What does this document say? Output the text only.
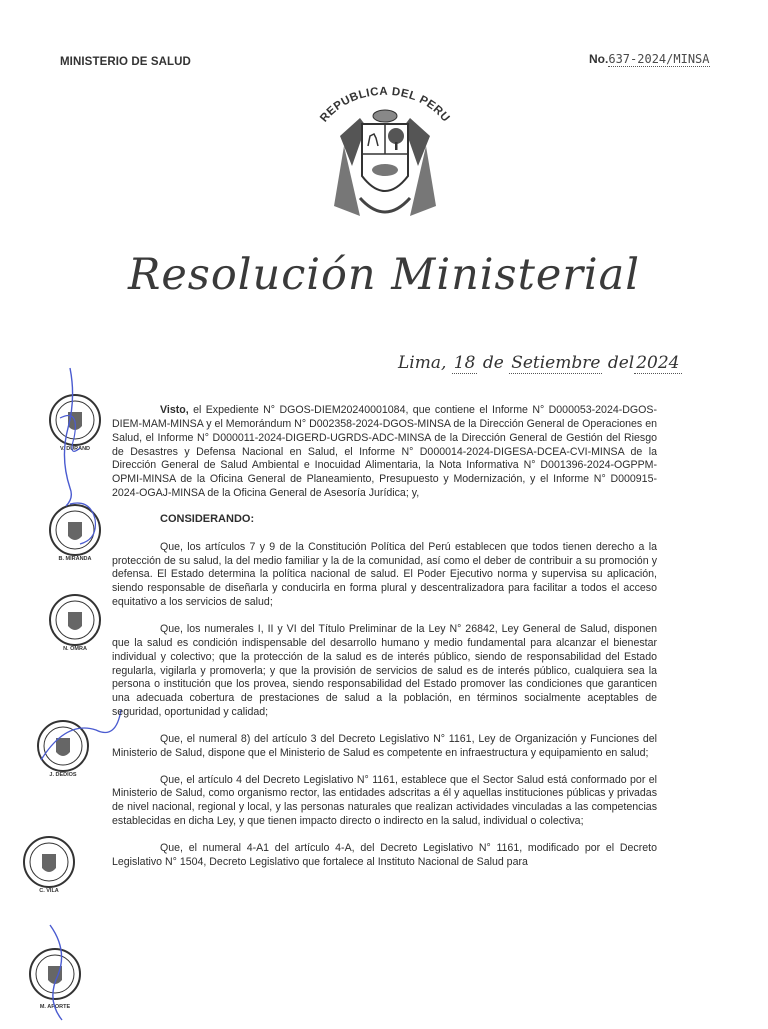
MINISTERIO DE SALUD	No.637-2024/MINSA
REPUBLICA DEL PERU
Resolución Ministerial
Lima, 18 de Setiembre del 2024
V. DURAND
B. MIRANDA
N. OMRA
J. DEDIOS
C. VILA
M. APORTE

Visto, el Expediente N° DGOS-DIEM20240001084, que contiene el Informe N° D000053-2024-DGOS-DIEM-MAM-MINSA y el Memorándum N° D002358-2024-DGOS-MINSA de la Dirección General de Operaciones en Salud, el Informe N° D000011-2024-DIGERD-UGRDS-ADC-MINSA de la Dirección General de Gestión del Riesgo de Desastres y Defensa Nacional en Salud, el Informe N° D000014-2024-DIGESA-DCEA-CVI-MINSA de la Dirección General de Salud Ambiental e Inocuidad Alimentaria, la Nota Informativa N° D001396-2024-OGPPM-OPMI-MINSA de la Oficina General de Planeamiento, Presupuesto y Modernización, y el Informe N° D000915-2024-OGAJ-MINSA de la Oficina General de Asesoría Jurídica; y,

CONSIDERANDO:

Que, los artículos 7 y 9 de la Constitución Política del Perú establecen que todos tienen derecho a la protección de su salud, la del medio familiar y la de la comunidad, así como el deber de contribuir a su promoción y defensa. El Estado determina la política nacional de salud. El Poder Ejecutivo norma y supervisa su aplicación, siendo responsable de diseñarla y conducirla en forma plural y descentralizadora para facilitar a todos el acceso equitativo a los servicios de salud;

Que, los numerales I, II y VI del Título Preliminar de la Ley N° 26842, Ley General de Salud, disponen que la salud es condición indispensable del desarrollo humano y medio fundamental para alcanzar el bienestar individual y colectivo; que la protección de la salud es de interés público, siendo de responsabilidad del Estado regularla, vigilarla y promoverla; y que la provisión de servicios de salud es de interés público, cualquiera sea la persona o institución que los provea, siendo responsabilidad del Estado promover las condiciones que garanticen una adecuada cobertura de prestaciones de salud a la población, en términos socialmente aceptables de seguridad, oportunidad y calidad;

Que, el numeral 8) del artículo 3 del Decreto Legislativo N° 1161, Ley de Organización y Funciones del Ministerio de Salud, dispone que el Ministerio de Salud es competente en infraestructura y equipamiento en salud;

Que, el artículo 4 del Decreto Legislativo N° 1161, establece que el Sector Salud está conformado por el Ministerio de Salud, como organismo rector, las entidades adscritas a él y aquellas instituciones públicas y privadas de nivel nacional, regional y local, y las personas naturales que realizan actividades vinculadas a las competencias establecidas en dicha Ley, y que tienen impacto directo o indirecto en la salud, individual o colectiva;

Que, el numeral 4-A1 del artículo 4-A, del Decreto Legislativo N° 1161, modificado por el Decreto Legislativo N° 1504, Decreto Legislativo que fortalece al Instituto Nacional de Salud para
